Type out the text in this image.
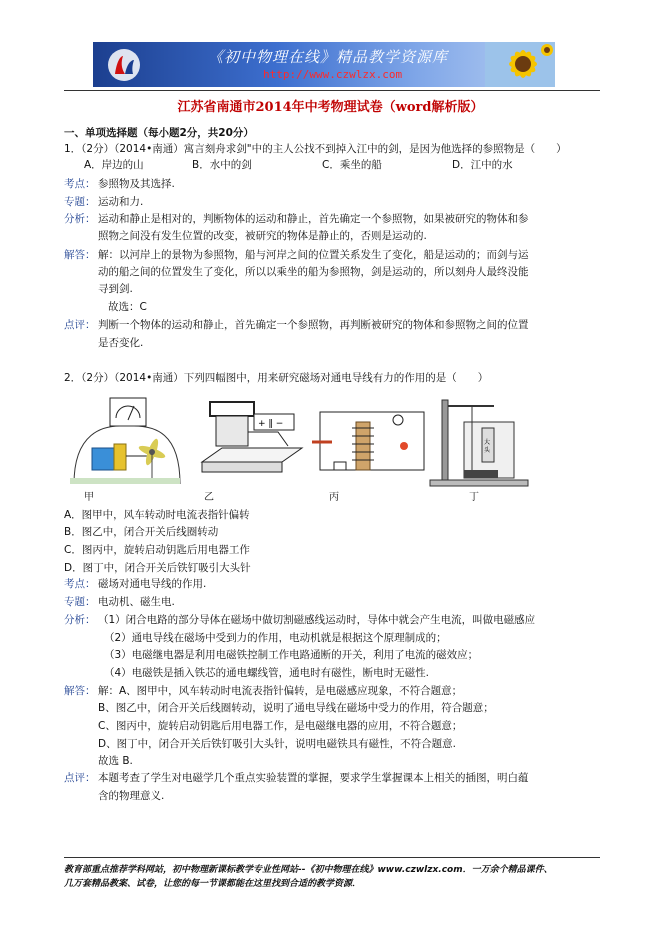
《初中物理在线》精品教学资源库
http://www.czwlzx.com
江苏省南通市2014年中考物理试卷（word解析版）
一、单项选择题（每小题2分，共20分）
1．（2分）（2014•南通）寓言刻舟求剑"中的主人公找不到掉入江中的剑，是因为他选择的参照物是（　　）
A．岸边的山	B．水中的剑	C．乘坐的船	D．江中的水
考点： 参照物及其选择.
专题： 运动和力.
分析： 运动和静止是相对的，判断物体的运动和静止，首先确定一个参照物，如果被研究的物体和参
照物之间没有发生位置的改变，被研究的物体是静止的，否则是运动的.
解答： 解：以河岸上的景物为参照物，船与河岸之间的位置关系发生了变化，船是运动的；而剑与运
动的船之间的位置发生了变化，所以以乘坐的船为参照物，剑是运动的，所以刻舟人最终没能
寻到剑.
故选：C
点评： 判断一个物体的运动和静止，首先确定一个参照物，再判断被研究的物体和参照物之间的位置
是否变化.
2．（2分）（2014•南通）下列四幅图中，用来研究磁场对通电导线有力的作用的是（　　）
+ ‖ −
大
头
甲	乙	丙	丁
A．图甲中，风车转动时电流表指针偏转
B．图乙中，闭合开关后线圈转动
C．图丙中，旋转启动钥匙后用电器工作
D．图丁中，闭合开关后铁钉吸引大头针
考点： 磁场对通电导线的作用.
专题： 电动机、磁生电.
分析： （1）闭合电路的部分导体在磁场中做切割磁感线运动时，导体中就会产生电流，叫做电磁感应
（2）通电导线在磁场中受到力的作用，电动机就是根据这个原理制成的；
（3）电磁继电器是利用电磁铁控制工作电路通断的开关，利用了电流的磁效应；
（4）电磁铁是插入铁芯的通电螺线管，通电时有磁性，断电时无磁性.
解答： 解：A、图甲中，风车转动时电流表指针偏转，是电磁感应现象，不符合题意；
B、图乙中，闭合开关后线圈转动，说明了通电导线在磁场中受力的作用，符合题意；
C、图丙中，旋转启动钥匙后用电器工作，是电磁继电器的应用，不符合题意；
D、图丁中，闭合开关后铁钉吸引大头针，说明电磁铁具有磁性，不符合题意.
故选 B.
点评： 本题考查了学生对电磁学几个重点实验装置的掌握，要求学生掌握课本上相关的插图，明白蕴
含的物理意义.
教育部重点推荐学科网站，初中物理新课标教学专业性网站--《初中物理在线》www.czwlzx.com．一万余个精品课件、
几万套精品教案、试卷，让您的每一节课都能在这里找到合适的教学资源．
